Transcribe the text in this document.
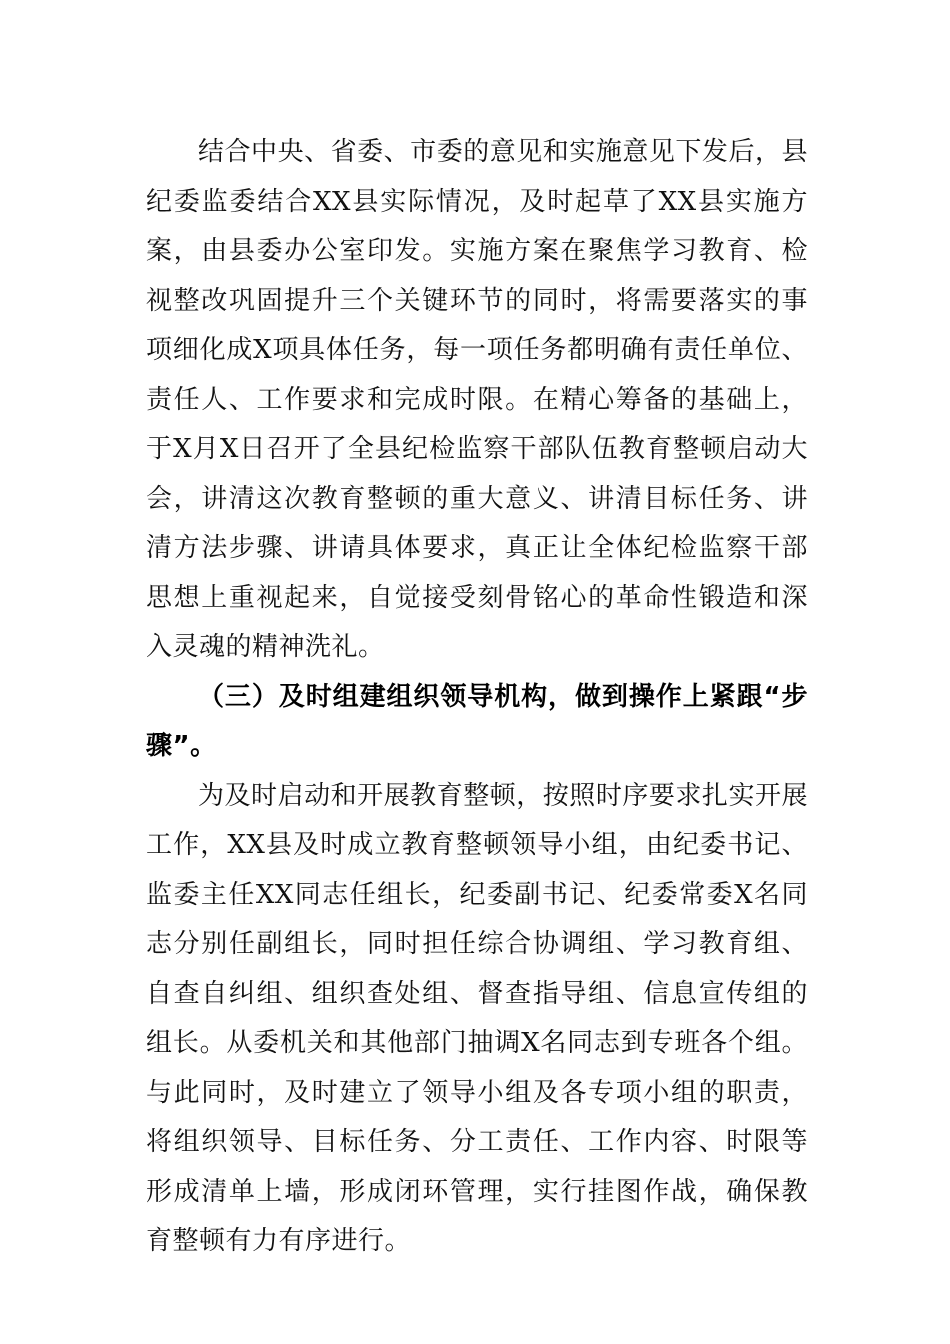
结合中央、省委、市委的意见和实施意见下发后，县纪委监委结合XX县实际情况，及时起草了XX县实施方案，由县委办公室印发。实施方案在聚焦学习教育、检视整改巩固提升三个关键环节的同时，将需要落实的事项细化成X项具体任务，每一项任务都明确有责任单位、责任人、工作要求和完成时限。在精心筹备的基础上，于X月X日召开了全县纪检监察干部队伍教育整顿启动大会，讲清这次教育整顿的重大意义、讲清目标任务、讲清方法步骤、讲请具体要求，真正让全体纪检监察干部思想上重视起来，自觉接受刻骨铭心的革命性锻造和深入灵魂的精神洗礼。

（三）及时组建组织领导机构，做到操作上紧跟“步骤”。

为及时启动和开展教育整顿，按照时序要求扎实开展工作，XX县及时成立教育整顿领导小组，由纪委书记、监委主任XX同志任组长，纪委副书记、纪委常委X名同志分别任副组长，同时担任综合协调组、学习教育组、自查自纠组、组织查处组、督查指导组、信息宣传组的组长。从委机关和其他部门抽调X名同志到专班各个组。与此同时，及时建立了领导小组及各专项小组的职责，将组织领导、目标任务、分工责任、工作内容、时限等形成清单上墙，形成闭环管理，实行挂图作战，确保教育整顿有力有序进行。
